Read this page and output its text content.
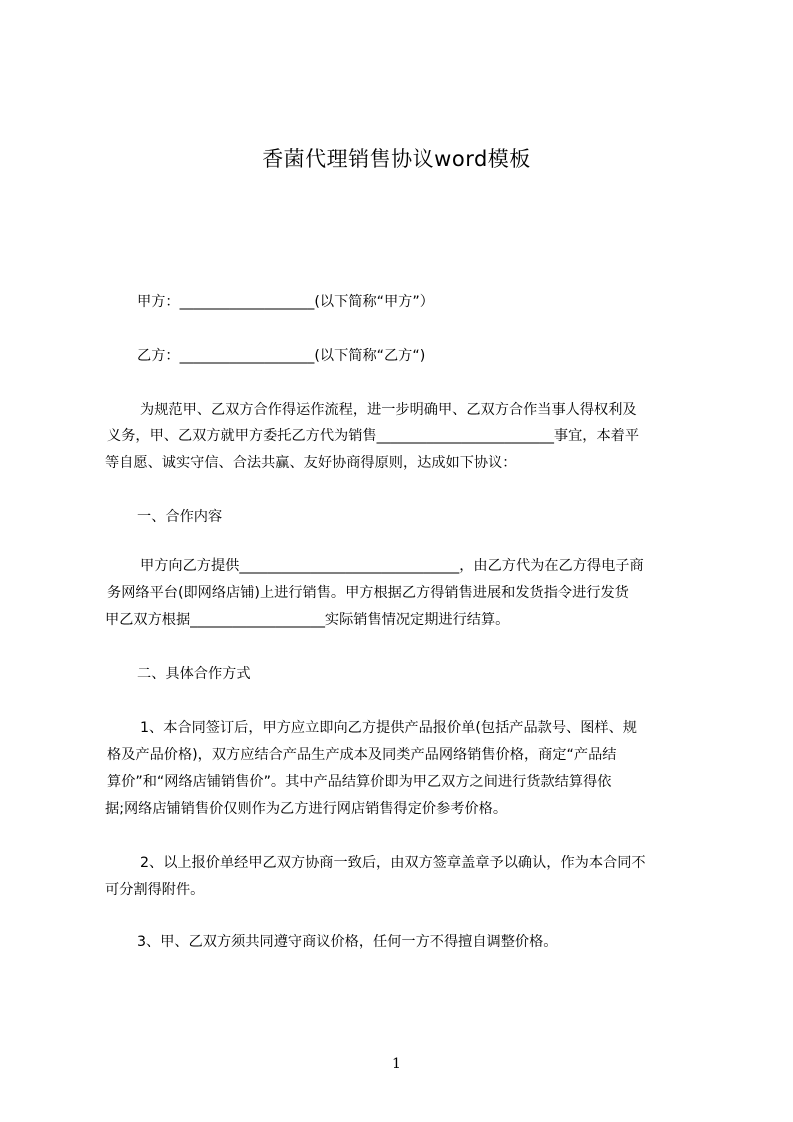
香菌代理销售协议word模板
甲方：___________________(以下简称“甲方”）
乙方：___________________(以下简称“乙方“)
为规范甲、乙双方合作得运作流程，进一步明确甲、乙双方合作当事人得权利及
义务，甲、乙双方就甲方委托乙方代为销售_________________________事宜，本着平
等自愿、诚实守信、合法共赢、友好协商得原则，达成如下协议：
一、合作内容
甲方向乙方提供_______________________________，由乙方代为在乙方得电子商
务网络平台(即网络店铺)上进行销售。甲方根据乙方得销售进展和发货指令进行发货
甲乙双方根据___________________实际销售情况定期进行结算。
二、具体合作方式
1、本合同签订后，甲方应立即向乙方提供产品报价单(包括产品款号、图样、规
格及产品价格)，双方应结合产品生产成本及同类产品网络销售价格，商定“产品结
算价”和“网络店铺销售价”。其中产品结算价即为甲乙双方之间进行货款结算得依
据;网络店铺销售价仅则作为乙方进行网店销售得定价参考价格。
2、以上报价单经甲乙双方协商一致后，由双方签章盖章予以确认，作为本合同不
可分割得附件。
3、甲、乙双方须共同遵守商议价格，任何一方不得擅自调整价格。
1
